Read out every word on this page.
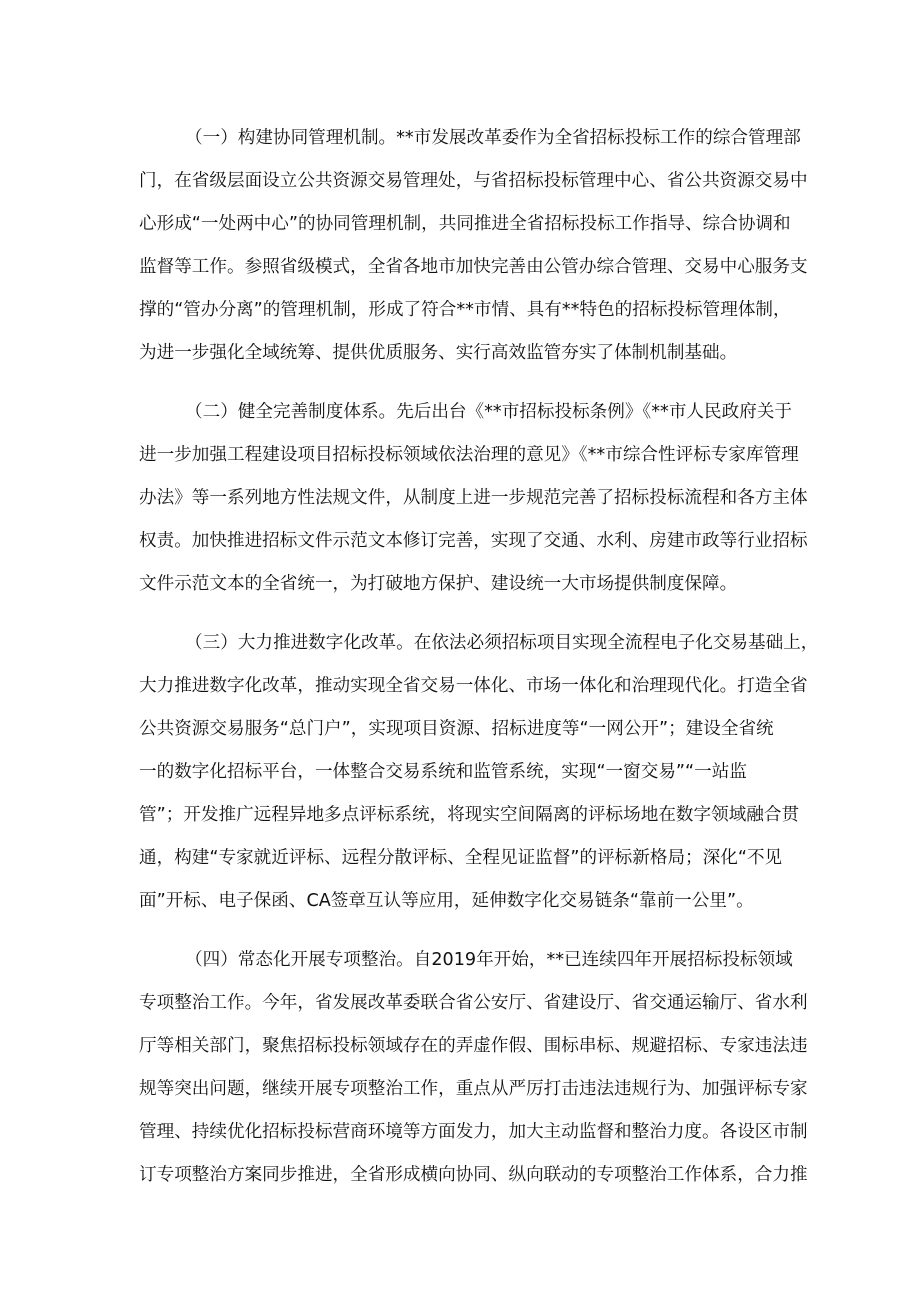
（一）构建协同管理机制。**市发展改革委作为全省招标投标工作的综合管理部
门，在省级层面设立公共资源交易管理处，与省招标投标管理中心、省公共资源交易中
心形成“一处两中心”的协同管理机制，共同推进全省招标投标工作指导、综合协调和
监督等工作。参照省级模式，全省各地市加快完善由公管办综合管理、交易中心服务支
撑的“管办分离”的管理机制，形成了符合**市情、具有**特色的招标投标管理体制，
为进一步强化全域统筹、提供优质服务、实行高效监管夯实了体制机制基础。
（二）健全完善制度体系。先后出台《**市招标投标条例》《**市人民政府关于
进一步加强工程建设项目招标投标领域依法治理的意见》《**市综合性评标专家库管理
办法》等一系列地方性法规文件，从制度上进一步规范完善了招标投标流程和各方主体
权责。加快推进招标文件示范文本修订完善，实现了交通、水利、房建市政等行业招标
文件示范文本的全省统一，为打破地方保护、建设统一大市场提供制度保障。
（三）大力推进数字化改革。在依法必须招标项目实现全流程电子化交易基础上，
大力推进数字化改革，推动实现全省交易一体化、市场一体化和治理现代化。打造全省
公共资源交易服务“总门户”，实现项目资源、招标进度等“一网公开”；建设全省统
一的数字化招标平台，一体整合交易系统和监管系统，实现“一窗交易”“一站监
管”；开发推广远程异地多点评标系统，将现实空间隔离的评标场地在数字领域融合贯
通，构建“专家就近评标、远程分散评标、全程见证监督”的评标新格局；深化“不见
面”开标、电子保函、CA签章互认等应用，延伸数字化交易链条“靠前一公里”。
（四）常态化开展专项整治。自2019年开始，**已连续四年开展招标投标领域
专项整治工作。今年，省发展改革委联合省公安厅、省建设厅、省交通运输厅、省水利
厅等相关部门，聚焦招标投标领域存在的弄虚作假、围标串标、规避招标、专家违法违
规等突出问题，继续开展专项整治工作，重点从严厉打击违法违规行为、加强评标专家
管理、持续优化招标投标营商环境等方面发力，加大主动监督和整治力度。各设区市制
订专项整治方案同步推进，全省形成横向协同、纵向联动的专项整治工作体系，合力推
